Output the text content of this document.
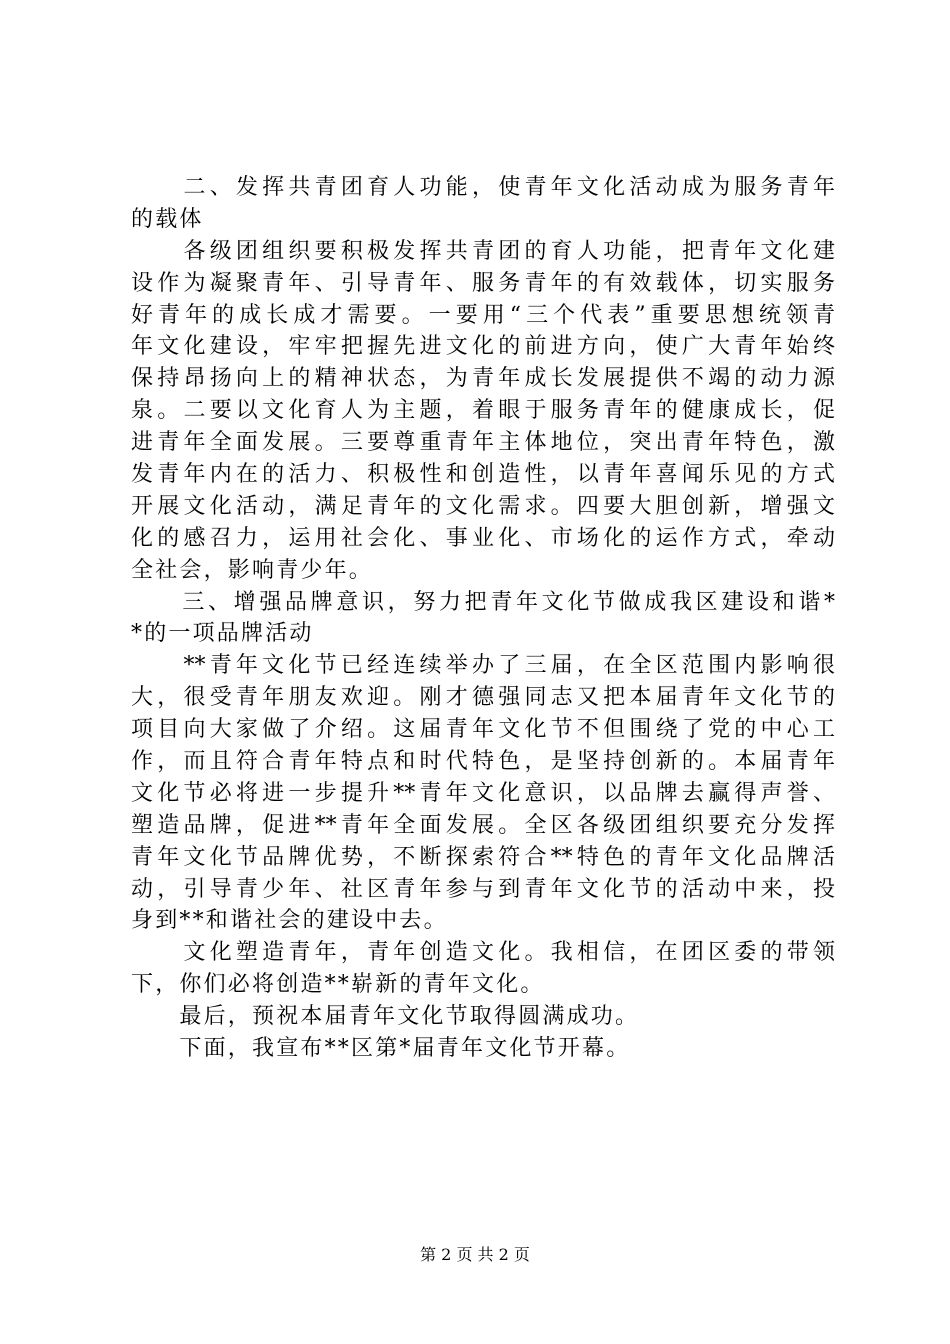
　　二、发挥共青团育人功能，使青年文化活动成为服务青年
的载体
　　各级团组织要积极发挥共青团的育人功能，把青年文化建
设作为凝聚青年、引导青年、服务青年的有效载体，切实服务
好青年的成长成才需要。一要用“三个代表”重要思想统领青
年文化建设，牢牢把握先进文化的前进方向，使广大青年始终
保持昂扬向上的精神状态，为青年成长发展提供不竭的动力源
泉。二要以文化育人为主题，着眼于服务青年的健康成长，促
进青年全面发展。三要尊重青年主体地位，突出青年特色，激
发青年内在的活力、积极性和创造性，以青年喜闻乐见的方式
开展文化活动，满足青年的文化需求。四要大胆创新，增强文
化的感召力，运用社会化、事业化、市场化的运作方式，牵动
全社会，影响青少年。
　　三、增强品牌意识，努力把青年文化节做成我区建设和谐*
*的一项品牌活动
　　**青年文化节已经连续举办了三届，在全区范围内影响很
大，很受青年朋友欢迎。刚才德强同志又把本届青年文化节的
项目向大家做了介绍。这届青年文化节不但围绕了党的中心工
作，而且符合青年特点和时代特色，是坚持创新的。本届青年
文化节必将进一步提升**青年文化意识，以品牌去赢得声誉、
塑造品牌，促进**青年全面发展。全区各级团组织要充分发挥
青年文化节品牌优势，不断探索符合**特色的青年文化品牌活
动，引导青少年、社区青年参与到青年文化节的活动中来，投
身到**和谐社会的建设中去。
　　文化塑造青年，青年创造文化。我相信，在团区委的带领
下，你们必将创造**崭新的青年文化。
　　最后，预祝本届青年文化节取得圆满成功。
　　下面，我宣布**区第*届青年文化节开幕。
第 2 页 共 2 页
